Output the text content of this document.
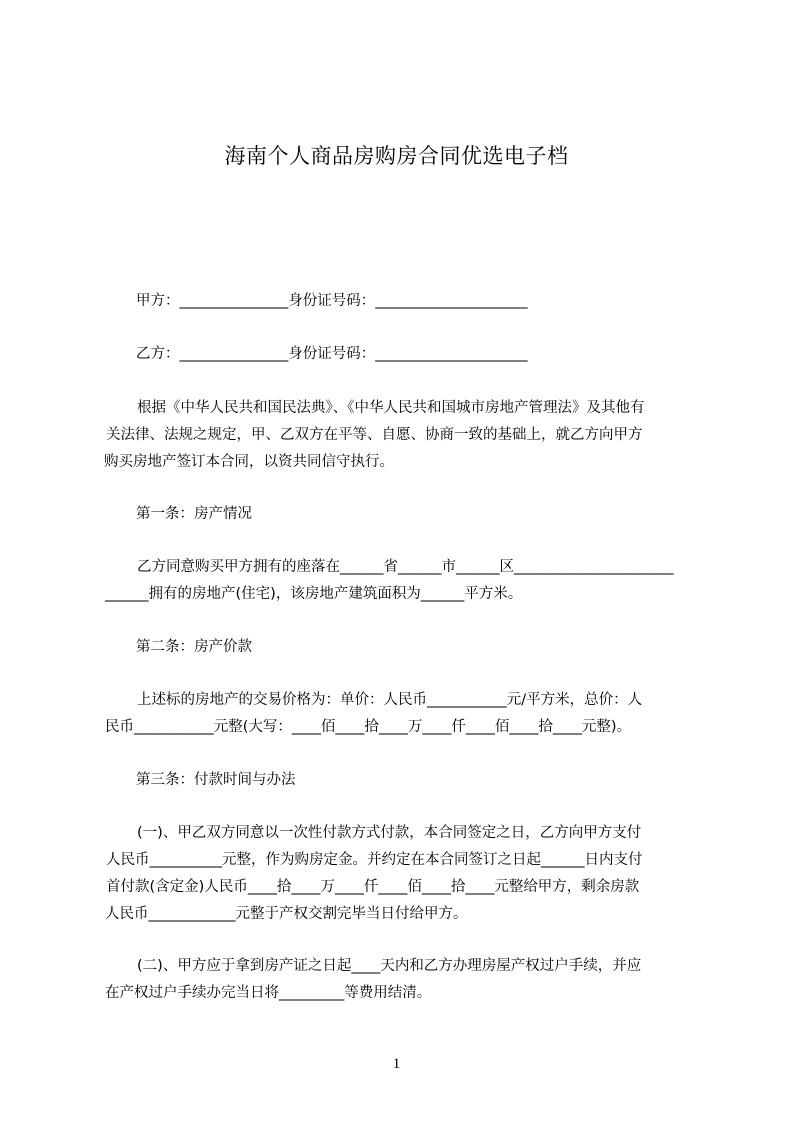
海南个人商品房购房合同优选电子档
甲方：_______________身份证号码：_____________________
乙方：_______________身份证号码：_____________________
根据《中华人民共和国民法典》、《中华人民共和国城市房地产管理法》及其他有
关法律、法规之规定，甲、乙双方在平等、自愿、协商一致的基础上，就乙方向甲方
购买房地产签订本合同，以资共同信守执行。
第一条：房产情况
乙方同意购买甲方拥有的座落在______省______市______区______________________
______拥有的房地产(住宅)，该房地产建筑面积为______平方米。
第二条：房产价款
上述标的房地产的交易价格为：单价：人民币___________元/平方米，总价：人
民币___________元整(大写：____佰____拾____万____仟____佰____拾____元整)。
第三条：付款时间与办法
(一)、甲乙双方同意以一次性付款方式付款，本合同签定之日，乙方向甲方支付
人民币__________元整，作为购房定金。并约定在本合同签订之日起______日内支付
首付款(含定金)人民币____拾____万____仟____佰____拾____元整给甲方，剩余房款
人民币____________元整于产权交割完毕当日付给甲方。
(二)、甲方应于拿到房产证之日起____天内和乙方办理房屋产权过户手续，并应
在产权过户手续办完当日将_________等费用结清。
1
